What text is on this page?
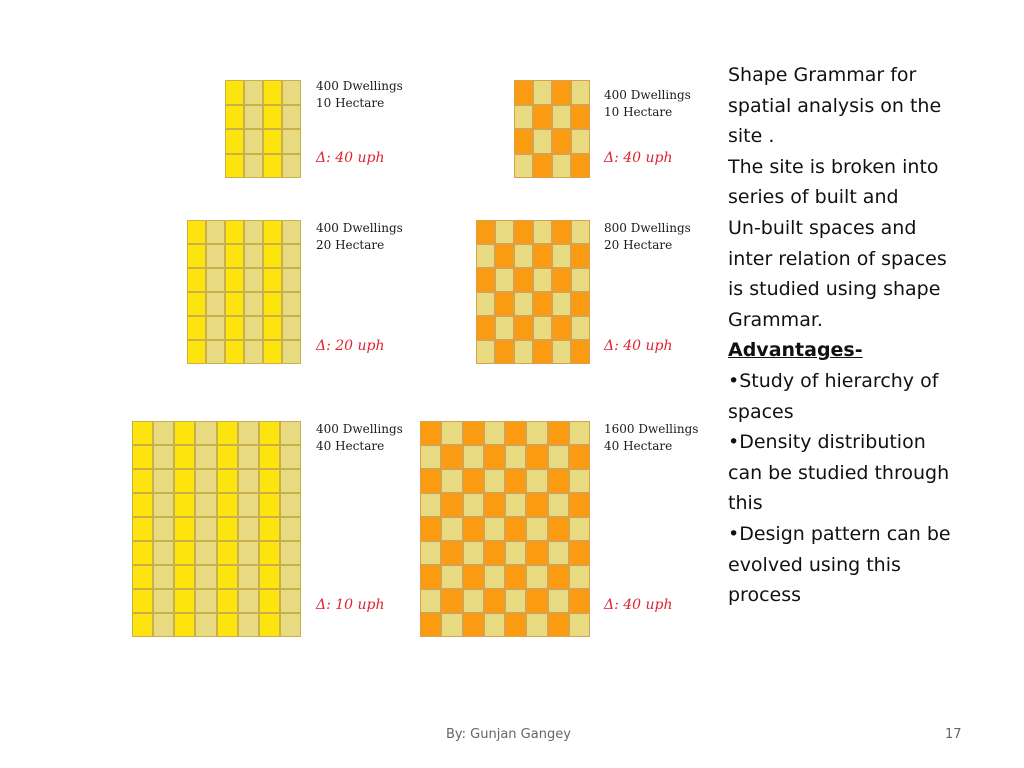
400 Dwellings
10 Hectare
Δ: 40 uph
400 Dwellings
10 Hectare
Δ: 40 uph
400 Dwellings
20 Hectare
Δ: 20 uph
800 Dwellings
20 Hectare
Δ: 40 uph
400 Dwellings
40 Hectare
Δ: 10 uph
1600 Dwellings
40 Hectare
Δ: 40 uph
Shape Grammar for
spatial analysis on the
site .
The site is broken into
series of built and
Un-built spaces and
inter relation of spaces
is studied using shape
Grammar.
Advantages-
•Study of hierarchy of
spaces
•Density distribution
can be studied through
this
•Design pattern can be
evolved using this
process
By: Gunjan Gangey	17
